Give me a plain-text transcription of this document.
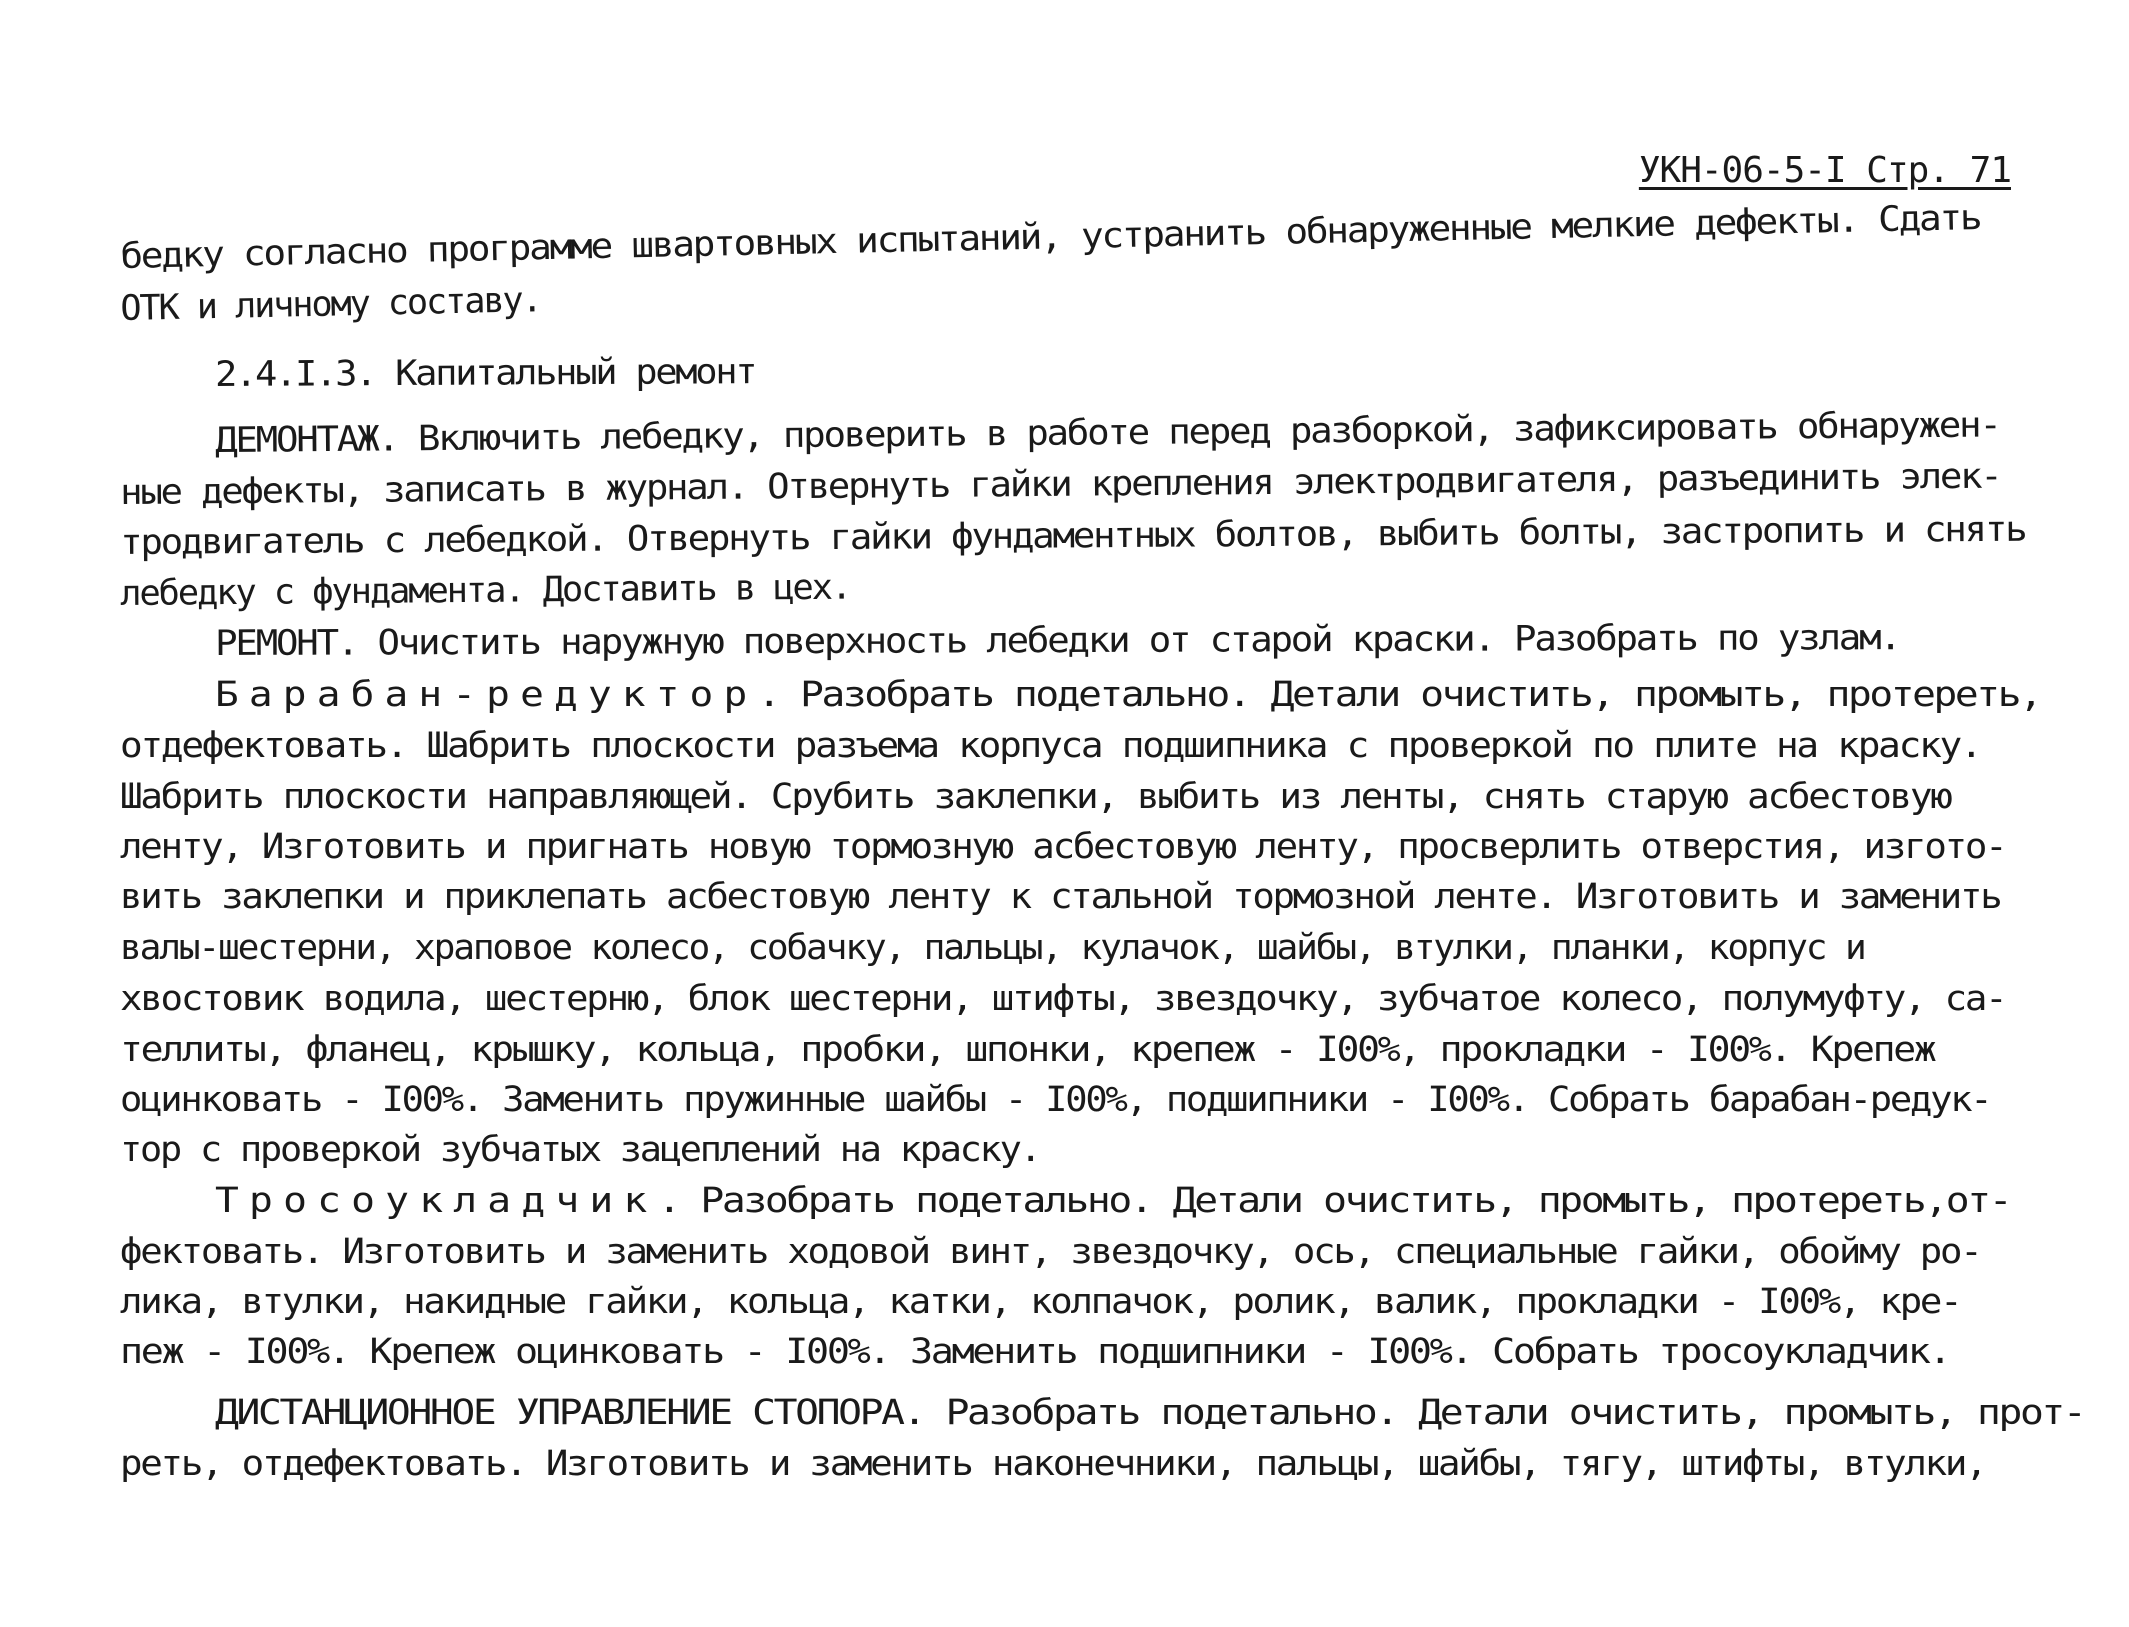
УКН-06-5-I Стр. 71
бедку согласно программе швартовных испытаний, устранить обнаруженные мелкие дефекты. Сдать
ОТК и личному составу.
2.4.I.3. Капитальный ремонт
ДЕМОНТАЖ. Включить лебедку, проверить в работе перед разборкой, зафиксировать обнаружен-
ные дефекты, записать в журнал. Отвернуть гайки крепления электродвигателя, разъединить элек-
тродвигатель с лебедкой. Отвернуть гайки фундаментных болтов, выбить болты, застропить и снять
лебедку с фундамента. Доставить в цех.
РЕМОНТ. Очистить наружную поверхность лебедки от старой краски. Разобрать по узлам.
Барабан-редуктор. Разобрать подетально. Детали очистить, промыть, протереть,
отдефектовать. Шабрить плоскости разъема корпуса подшипника с проверкой по плите на краску.
Шабрить плоскости направляющей. Срубить заклепки, выбить из ленты, снять старую асбестовую
ленту, Изготовить и пригнать новую тормозную асбестовую ленту, просверлить отверстия, изгото-
вить заклепки и приклепать асбестовую ленту к стальной тормозной ленте. Изготовить и заменить
валы-шестерни, храповое колесо, собачку, пальцы, кулачок, шайбы, втулки, планки, корпус и
хвостовик водила, шестерню, блок шестерни, штифты, звездочку, зубчатое колесо, полумуфту, са-
теллиты, фланец, крышку, кольца, пробки, шпонки, крепеж - I00%, прокладки - I00%. Крепеж
оцинковать - I00%. Заменить пружинные шайбы - I00%, подшипники - I00%. Собрать барабан-редук-
тор с проверкой зубчатых зацеплений на краску.
Тросоукладчик. Разобрать подетально. Детали очистить, промыть, протереть,от-
фектовать. Изготовить и заменить ходовой винт, звездочку, ось, специальные гайки, обойму ро-
лика, втулки, накидные гайки, кольца, катки, колпачок, ролик, валик, прокладки - I00%, кре-
пеж - I00%. Крепеж оцинковать - I00%. Заменить подшипники - I00%. Собрать тросоукладчик.
ДИСТАНЦИОННОЕ УПРАВЛЕНИЕ СТОПОРА. Разобрать подетально. Детали очистить, промыть, прот-
реть, отдефектовать. Изготовить и заменить наконечники, пальцы, шайбы, тягу, штифты, втулки,
